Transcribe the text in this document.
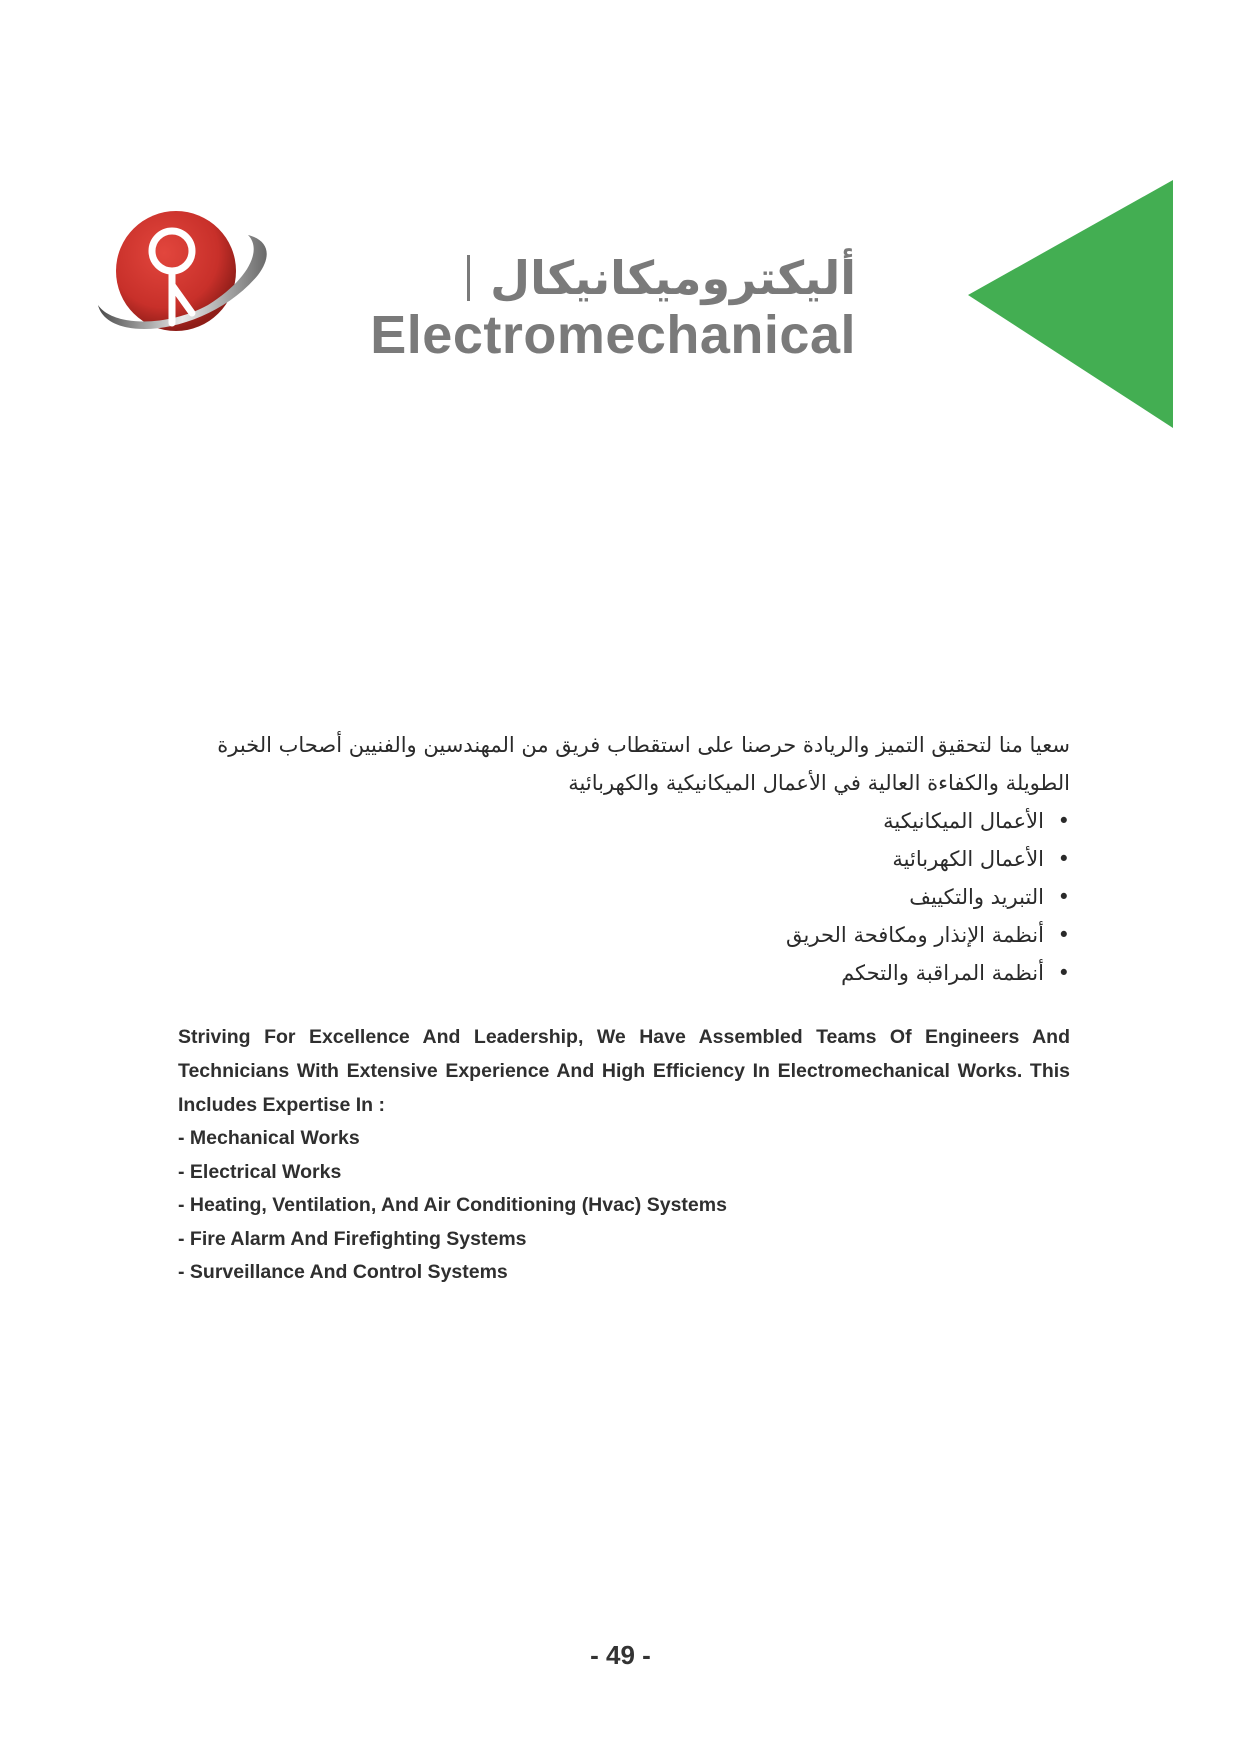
أليكتروميكانيكال
Electromechanical

سعيا منا لتحقيق التميز والريادة حرصنا على استقطاب فريق من المهندسين والفنيين أصحاب الخبرة الطويلة والكفاءة العالية في الأعمال الميكانيكية والكهربائية

•
الأعمال الميكانيكية
•
الأعمال الكهربائية
•
التبريد والتكييف
•
أنظمة الإنذار ومكافحة الحريق
•
أنظمة المراقبة والتحكم

Striving For Excellence And Leadership, We Have Assembled Teams Of Engineers And Technicians With Extensive Experience And High Efficiency In Electromechanical Works. This Includes Expertise In :

- Mechanical Works
- Electrical Works
- Heating, Ventilation, And Air Conditioning (Hvac) Systems
- Fire Alarm And Firefighting Systems
- Surveillance And Control Systems
- 49 -
